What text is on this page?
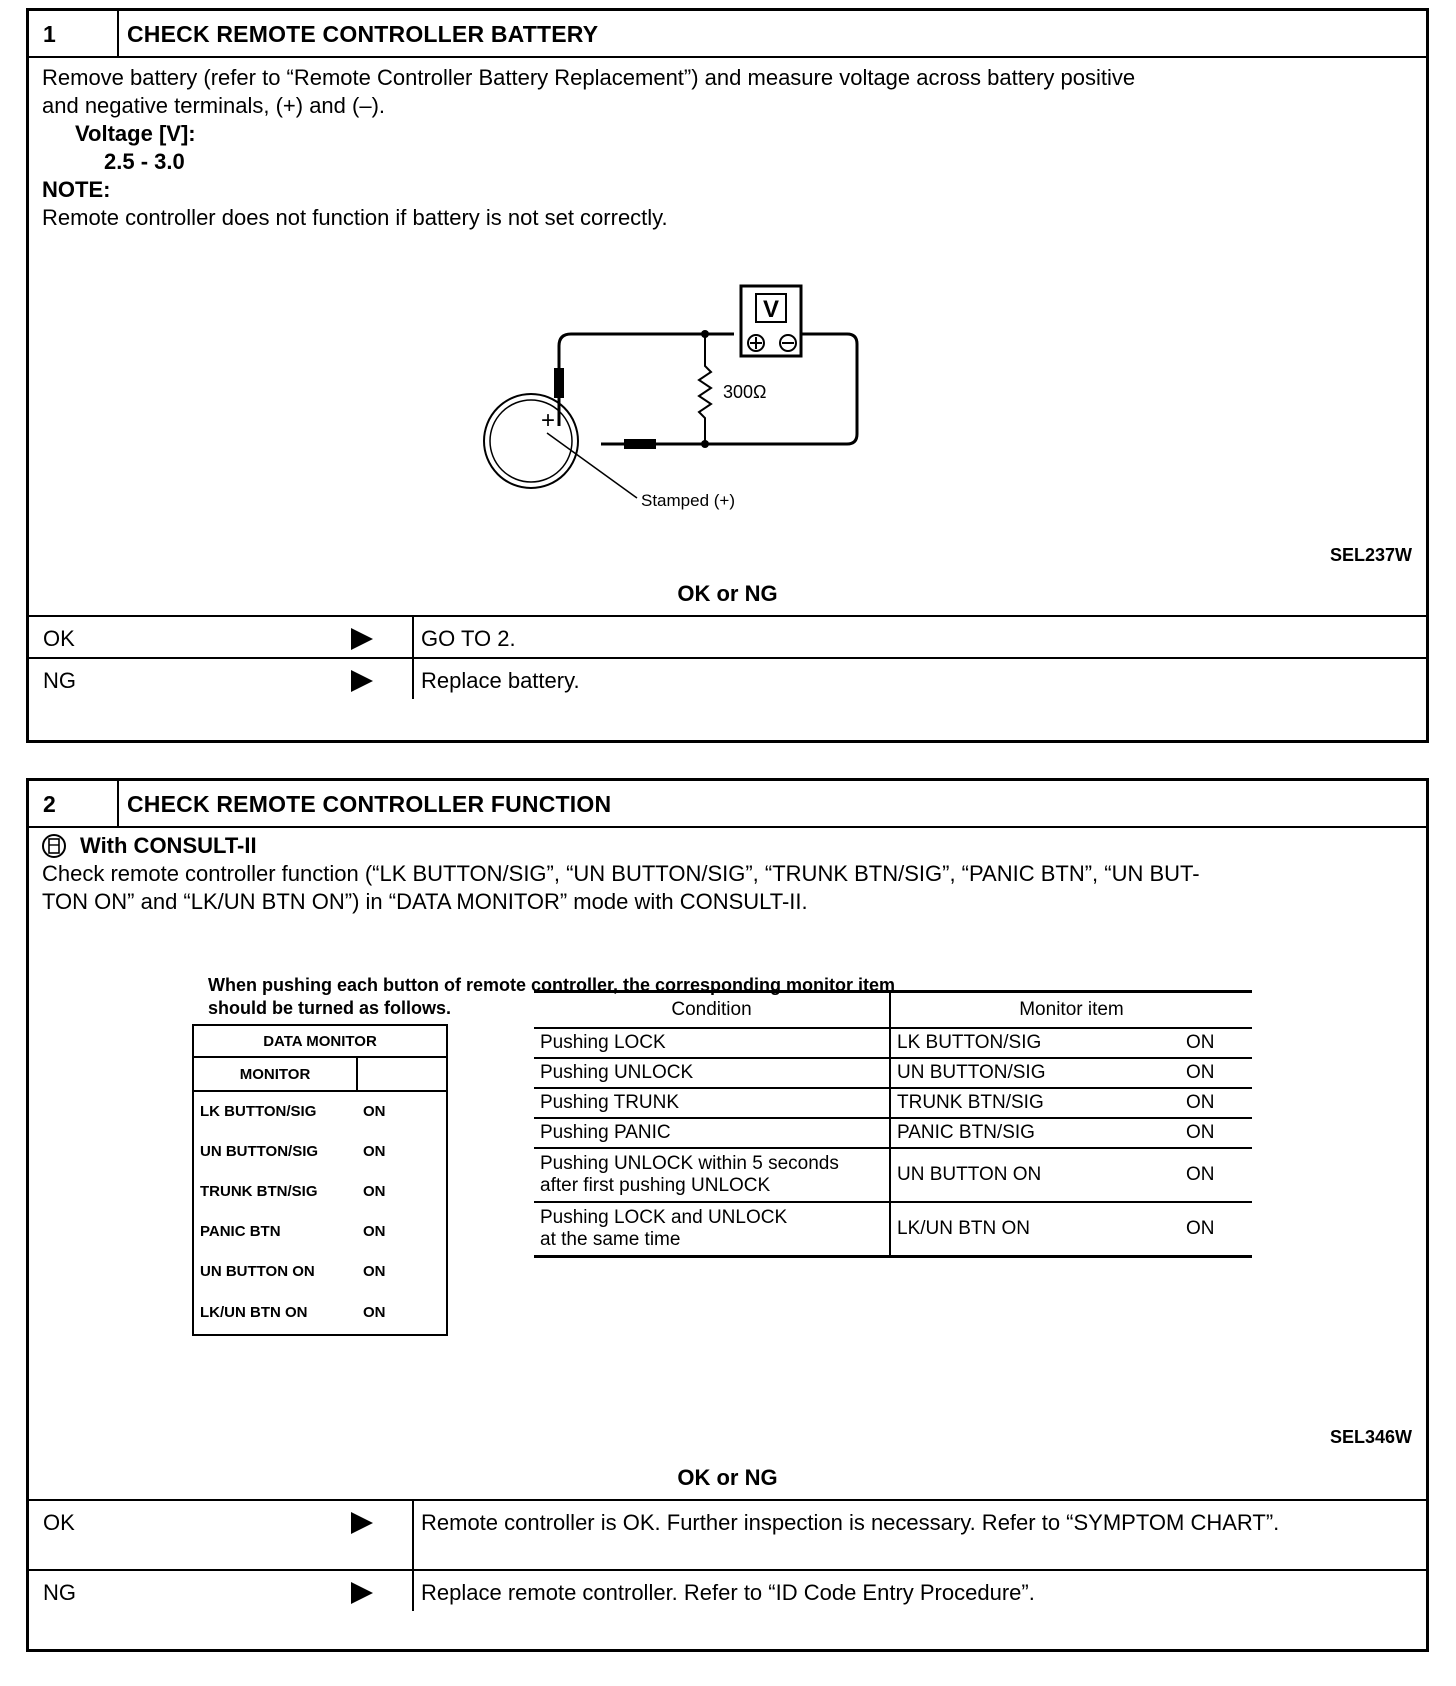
1	CHECK REMOTE CONTROLLER BATTERY
Remove battery (refer to “Remote Controller Battery Replacement”) and measure voltage across battery positive
and negative terminals, (+) and (–).
Voltage [V]:
2.5 - 3.0
NOTE:
Remote controller does not function if battery is not set correctly.
300Ω
V
+
Stamped (+)
SEL237W
OK or NG
OK	GO TO 2.
NG	Replace battery.
2	CHECK REMOTE CONTROLLER FUNCTION
With CONSULT-II
Check remote controller function (“LK BUTTON/SIG”, “UN BUTTON/SIG”, “TRUNK BTN/SIG”, “PANIC BTN”, “UN BUT-
TON ON” and “LK/UN BTN ON”) in “DATA MONITOR” mode with CONSULT-II.
When pushing each button of remote controller, the corresponding monitor item
should be turned as follows.
DATA MONITOR	
MONITOR	
LK BUTTON/SIG	ON
UN BUTTON/SIG	ON
TRUNK BTN/SIG	ON
PANIC BTN	ON
UN BUTTON ON	ON
LK/UN BTN ON	ON
Condition	Monitor item	

Pushing LOCK	LK BUTTON/SIG	ON

Pushing UNLOCK	UN BUTTON/SIG	ON

Pushing TRUNK	TRUNK BTN/SIG	ON

Pushing PANIC	PANIC BTN/SIG	ON

Pushing UNLOCK within 5 seconds
after first pushing UNLOCK	UN BUTTON ON	ON

Pushing LOCK and UNLOCK
at the same time	LK/UN BTN ON	ON
SEL346W
OK or NG
OK	Remote controller is OK. Further inspection is necessary. Refer to “SYMPTOM CHART”.
NG	Replace remote controller. Refer to “ID Code Entry Procedure”.
